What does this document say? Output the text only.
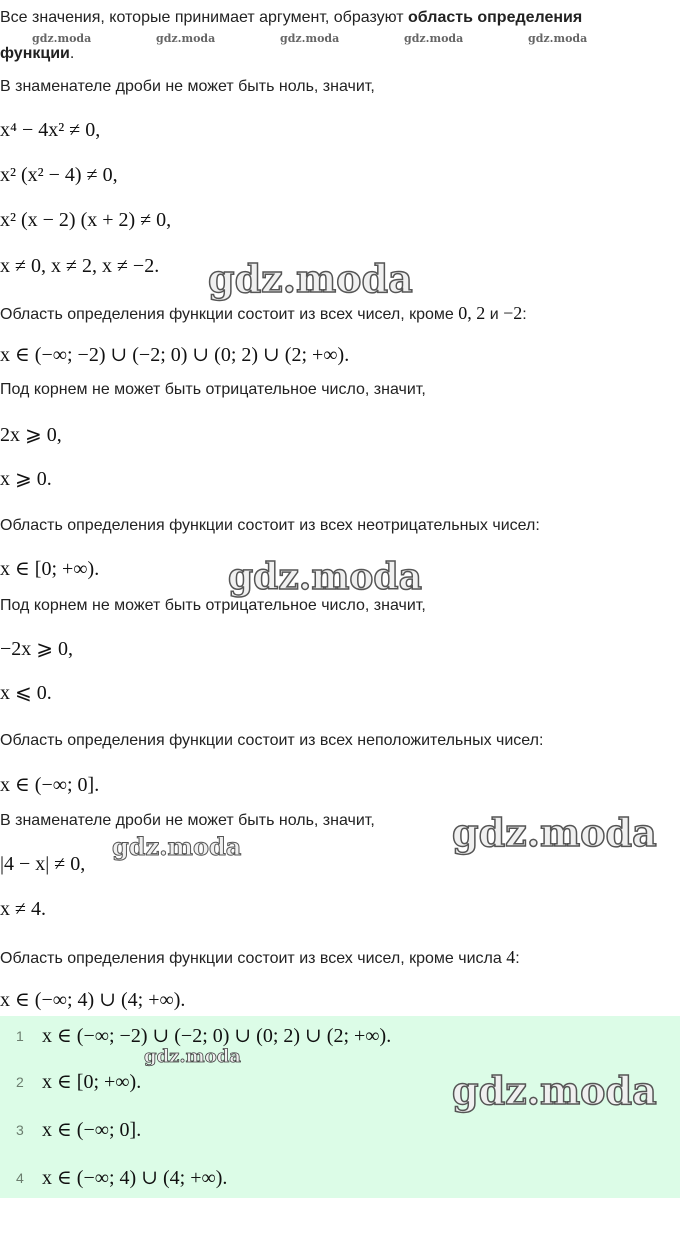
Все значения, которые принимает аргумент, образуют область определения
функции.
gdz.moda	gdz.moda	gdz.moda	gdz.moda	gdz.moda
В знаменателе дроби не может быть ноль, значит,
x⁴ − 4x² ≠ 0,
x² (x² − 4) ≠ 0,
x² (x − 2) (x + 2) ≠ 0,
x ≠ 0, x ≠ 2, x ≠ −2. gdz.moda
Область определения функции состоит из всех чисел, кроме 0, 2 и −2:
x ∈ (−∞; −2) ∪ (−2; 0) ∪ (0; 2) ∪ (2; +∞).
Под корнем не может быть отрицательное число, значит,
2x ⩾ 0,
x ⩾ 0.
Область определения функции состоит из всех неотрицательных чисел:
x ∈ [0; +∞).	gdz.moda
Под корнем не может быть отрицательное число, значит,
−2x ⩾ 0,
x ⩽ 0.
Область определения функции состоит из всех неположительных чисел:
x ∈ (−∞; 0].
В знаменателе дроби не может быть ноль, значит, gdz.moda
gdz.moda
|4 − x| ≠ 0,
x ≠ 4.
Область определения функции состоит из всех чисел, кроме числа 4:
x ∈ (−∞; 4) ∪ (4; +∞).
1 x ∈ (−∞; −2) ∪ (−2; 0) ∪ (0; 2) ∪ (2; +∞).
2 x ∈ [0; +∞).
3 x ∈ (−∞; 0].
4 x ∈ (−∞; 4) ∪ (4; +∞).
gdz.moda
gdz.moda
